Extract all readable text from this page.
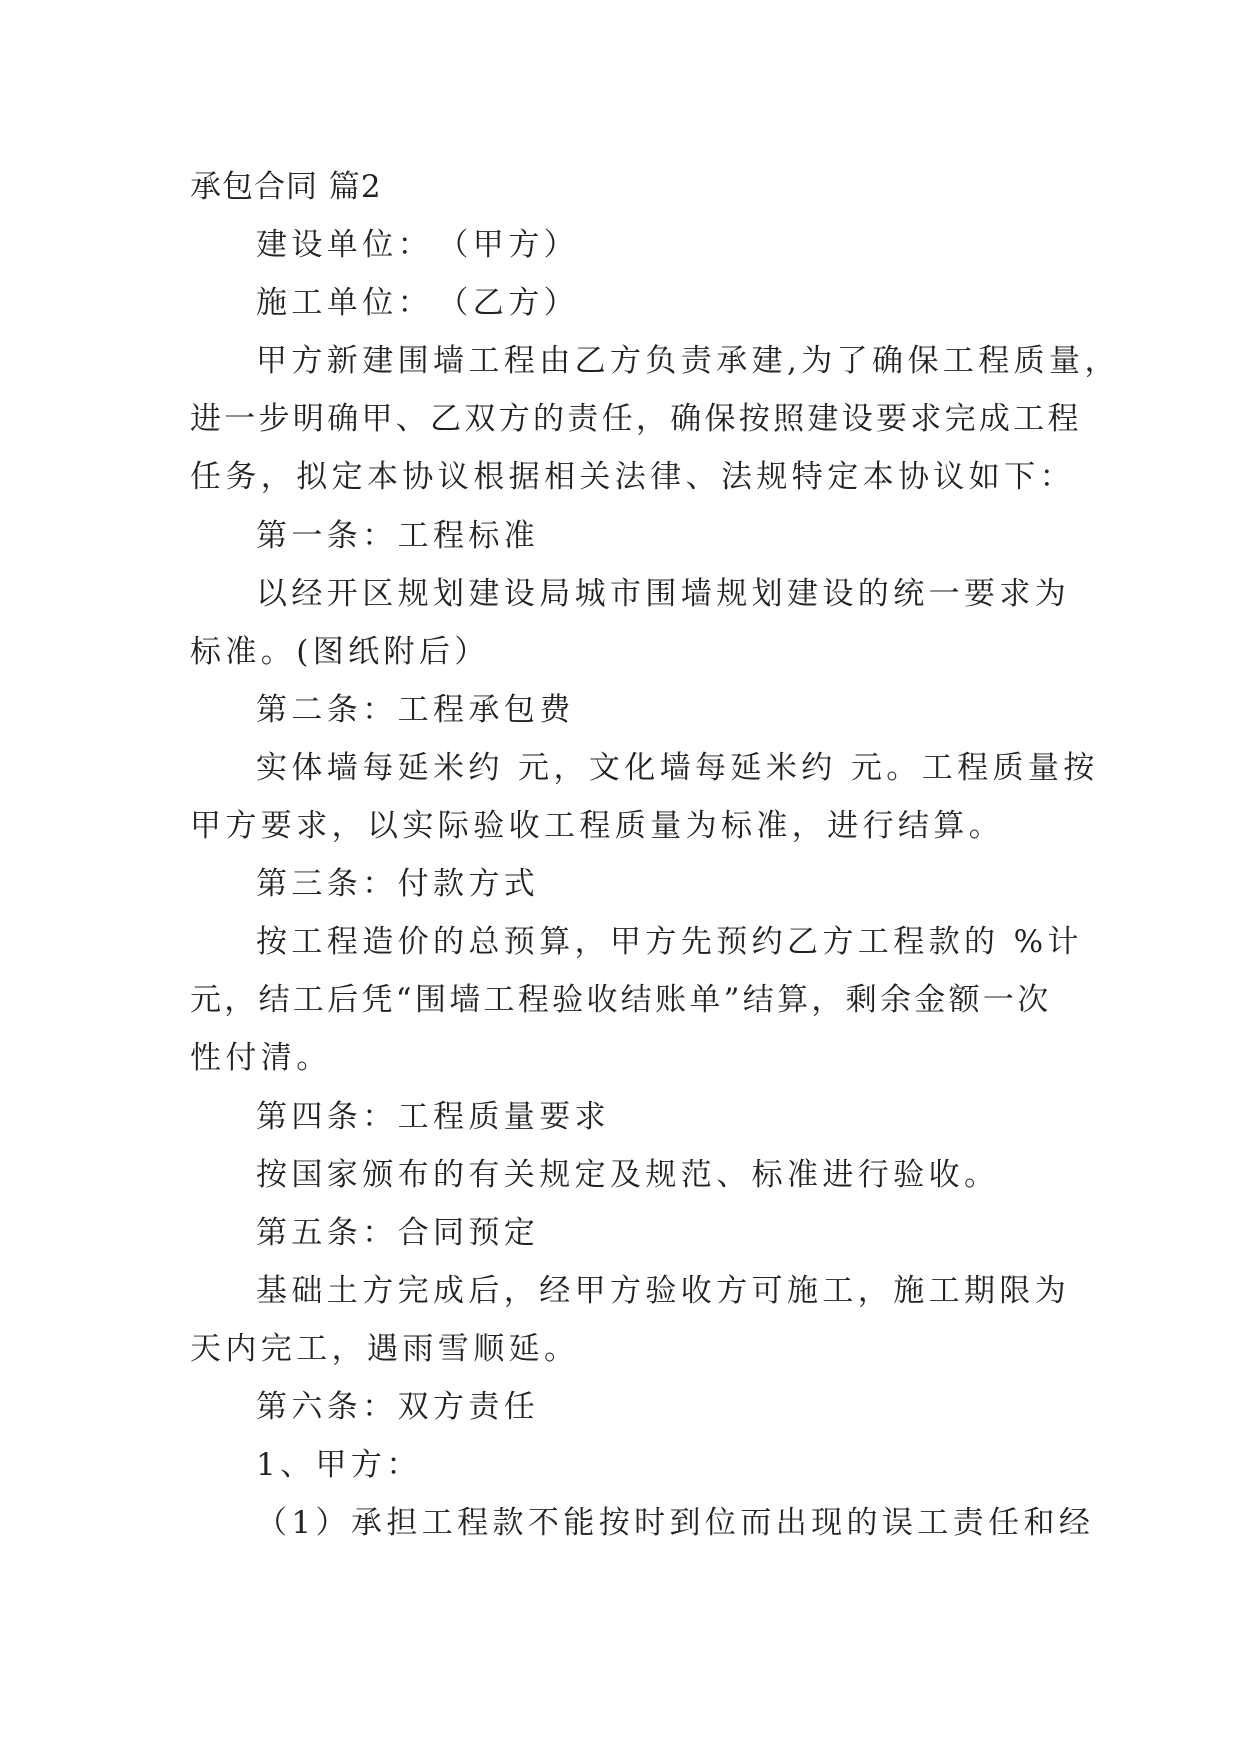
承包合同 篇2
建设单位：　（甲方）
施工单位：　（乙方）
甲方新建围墙工程由乙方负责承建,为了确保工程质量，
进一步明确甲、乙双方的责任，确保按照建设要求完成工程
任务，拟定本协议根据相关法律、法规特定本协议如下：
第一条：工程标准
以经开区规划建设局城市围墙规划建设的统一要求为
标准。(图纸附后）
第二条：工程承包费
实体墙每延米约 元，文化墙每延米约 元。工程质量按
甲方要求，以实际验收工程质量为标准，进行结算。
第三条：付款方式
按工程造价的总预算，甲方先预约乙方工程款的 %计
元，结工后凭“围墙工程验收结账单”结算，剩余金额一次
性付清。
第四条：工程质量要求
按国家颁布的有关规定及规范、标准进行验收。
第五条：合同预定
基础土方完成后，经甲方验收方可施工，施工期限为
天内完工，遇雨雪顺延。
第六条：双方责任
1、甲方：
（1）承担工程款不能按时到位而出现的误工责任和经
